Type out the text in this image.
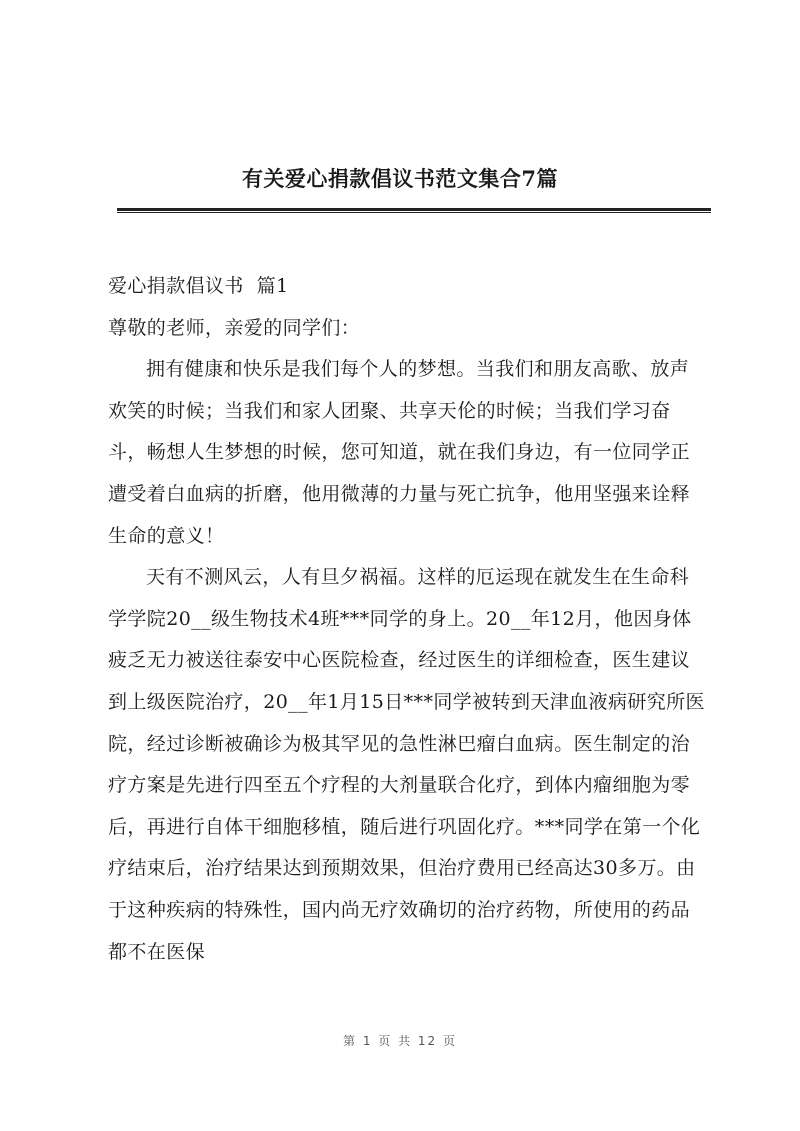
有关爱心捐款倡议书范文集合7篇

爱心捐款倡议书  篇1

尊敬的老师，亲爱的同学们：

拥有健康和快乐是我们每个人的梦想。当我们和朋友高歌、放声欢笑的时候；当我们和家人团聚、共享天伦的时候；当我们学习奋斗，畅想人生梦想的时候，您可知道，就在我们身边，有一位同学正遭受着白血病的折磨，他用微薄的力量与死亡抗争，他用坚强来诠释生命的意义！

天有不测风云，人有旦夕祸福。这样的厄运现在就发生在生命科学学院20__级生物技术4班***同学的身上。20__年12月，他因身体疲乏无力被送往泰安中心医院检查，经过医生的详细检查，医生建议到上级医院治疗，20__年1月15日***同学被转到天津血液病研究所医院，经过诊断被确诊为极其罕见的急性淋巴瘤白血病。医生制定的治疗方案是先进行四至五个疗程的大剂量联合化疗，到体内瘤细胞为零后，再进行自体干细胞移植，随后进行巩固化疗。***同学在第一个化疗结束后，治疗结果达到预期效果，但治疗费用已经高达30多万。由于这种疾病的特殊性，国内尚无疗效确切的治疗药物，所使用的药品都不在医保

第 1 页 共 12 页
